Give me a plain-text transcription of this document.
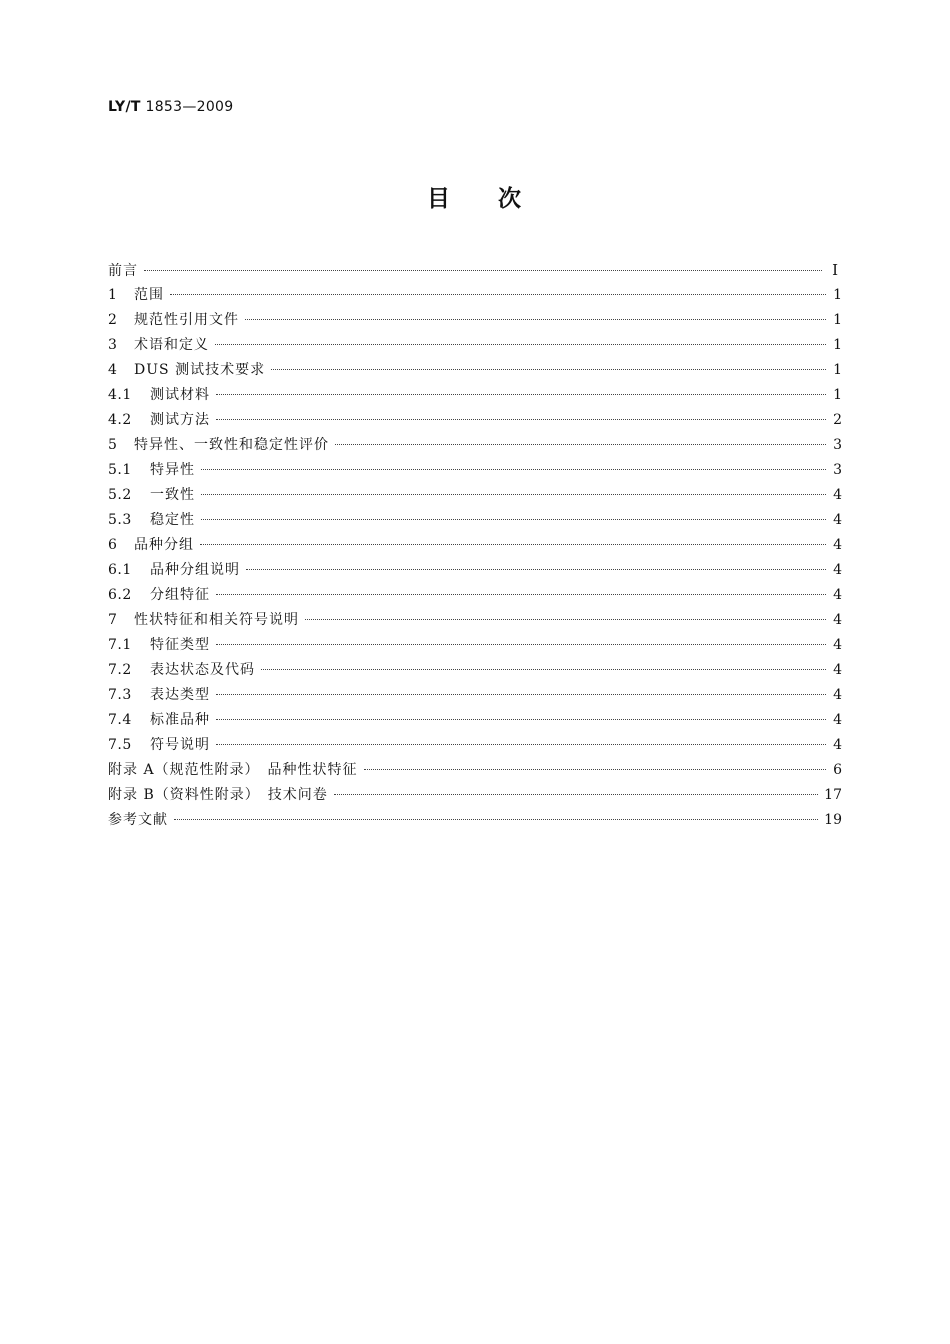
LY/T 1853—2009
目 次
前言	Ⅰ
1	范围	1
2	规范性引用文件	1
3	术语和定义	1
4	DUS 测试技术要求	1
4.1	测试材料	1
4.2	测试方法	2
5	特异性、一致性和稳定性评价	3
5.1	特异性	3
5.2	一致性	4
5.3	稳定性	4
6	品种分组	4
6.1	品种分组说明	4
6.2	分组特征	4
7	性状特征和相关符号说明	4
7.1	特征类型	4
7.2	表达状态及代码	4
7.3	表达类型	4
7.4	标准品种	4
7.5	符号说明	4
附录 A（规范性附录）　品种性状特征	6
附录 B（资料性附录）　技术问卷	17
参考文献	19
